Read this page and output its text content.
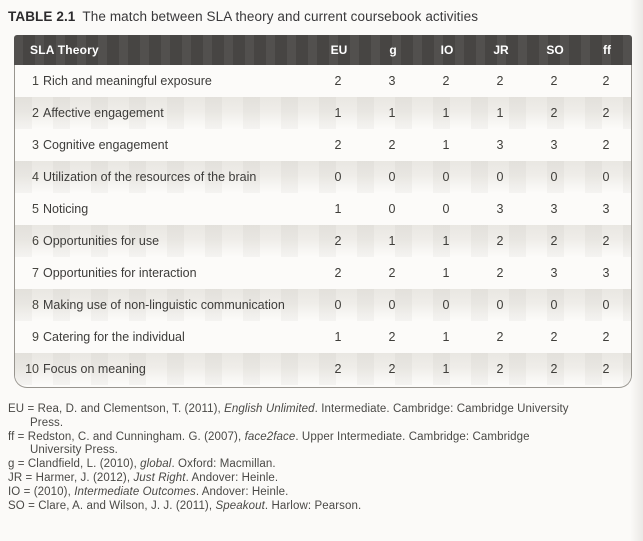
TABLE 2.1 The match between SLA theory and current coursebook activities
SLA Theory	EU	g	IO	JR	SO	ff
1 Rich and meaningful exposure	2	3	2	2	2	2
2 Affective engagement	1	1	1	1	2	2
3 Cognitive engagement	2	2	1	3	3	2
4 Utilization of the resources of the brain	0	0	0	0	0	0
5 Noticing	1	0	0	3	3	3
6 Opportunities for use	2	1	1	2	2	2
7 Opportunities for interaction	2	2	1	2	3	3
8 Making use of non-linguistic communication	0	0	0	0	0	0
9 Catering for the individual	1	2	1	2	2	2
10 Focus on meaning	2	2	1	2	2	2
EU = Rea, D. and Clementson, T. (2011), English Unlimited. Intermediate. Cambridge: Cambridge University
Press.
ff = Redston, C. and Cunningham. G. (2007), face2face. Upper Intermediate. Cambridge: Cambridge
University Press.
g = Clandfield, L. (2010), global. Oxford: Macmillan.
JR = Harmer, J. (2012), Just Right. Andover: Heinle.
IO = (2010), Intermediate Outcomes. Andover: Heinle.
SO = Clare, A. and Wilson, J. J. (2011), Speakout. Harlow: Pearson.
